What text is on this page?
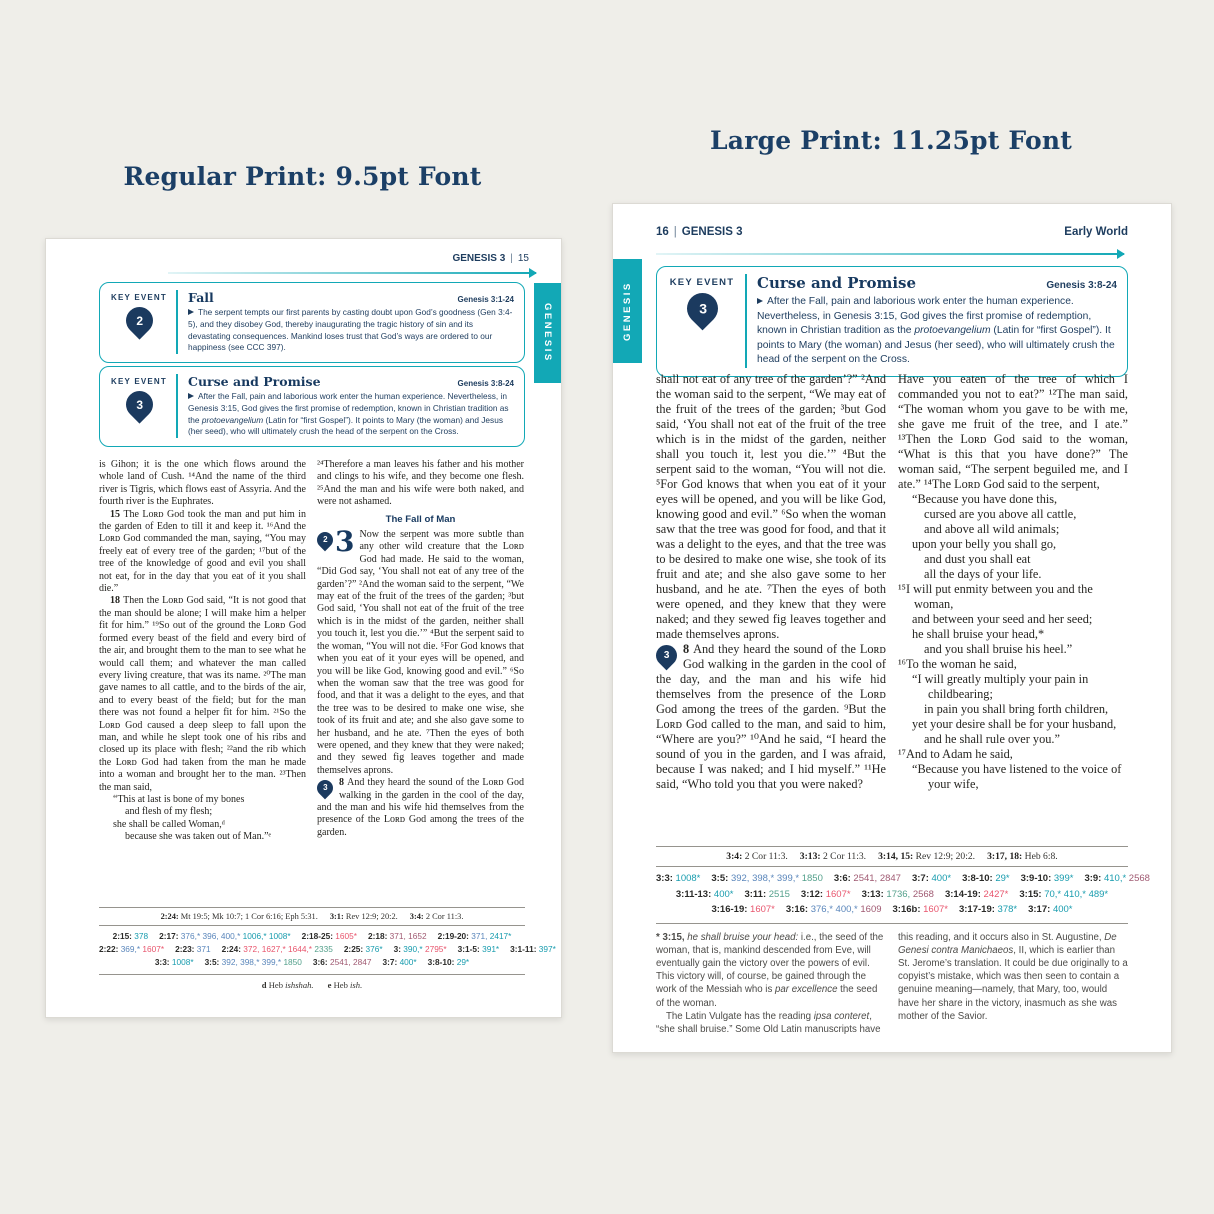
Regular Print: 9.5pt Font
Large Print: 11.25pt Font
GENESIS 3 | 15
GENESIS
KEY EVENT
2
Fall	Genesis 3:1-24
The serpent tempts our first parents by casting doubt upon God’s goodness (Gen 3:4-5), and they disobey God, thereby inaugurating the tragic history of sin and its devastating consequences. Mankind loses trust that God’s ways are ordered to our happiness (see CCC 397).
KEY EVENT
3
Curse and Promise	Genesis 3:8-24
After the Fall, pain and laborious work enter the human experience. Nevertheless, in Genesis 3:15, God gives the first promise of redemption, known in Christian tradition as the protoevangelium (Latin for “first Gospel”). It points to Mary (the woman) and Jesus (her seed), who will ultimately crush the head of the serpent on the Cross.

is Gihon; it is the one which flows around the whole land of Cush. ¹⁴And the name of the third river is Tigris, which flows east of Assyria. And the fourth river is the Euphrates.

15 The Lᴏʀᴅ God took the man and put him in the garden of Eden to till it and keep it. ¹⁶And the Lᴏʀᴅ God commanded the man, saying, “You may freely eat of every tree of the garden; ¹⁷but of the tree of the knowledge of good and evil you shall not eat, for in the day that you eat of it you shall die.”

18 Then the Lᴏʀᴅ God said, “It is not good that the man should be alone; I will make him a helper fit for him.” ¹⁹So out of the ground the Lᴏʀᴅ God formed every beast of the field and every bird of the air, and brought them to the man to see what he would call them; and whatever the man called every living creature, that was its name. ²⁰The man gave names to all cattle, and to the birds of the air, and to every beast of the field; but for the man there was not found a helper fit for him. ²¹So the Lᴏʀᴅ God caused a deep sleep to fall upon the man, and while he slept took one of his ribs and closed up its place with flesh; ²²and the rib which the Lᴏʀᴅ God had taken from the man he made into a woman and brought her to the man. ²³Then the man said,

“This at last is bone of my bones
and flesh of my flesh;
she shall be called Woman,ᵈ
because she was taken out of Man.”ᵉ

²⁴Therefore a man leaves his father and his mother and clings to his wife, and they become one flesh. ²⁵And the man and his wife were both naked, and were not ashamed.

The Fall of Man

2 3 Now the serpent was more subtle than any other wild creature that the Lᴏʀᴅ God had made. He said to the woman, “Did God say, ‘You shall not eat of any tree of the garden’?” ²And the woman said to the serpent, “We may eat of the fruit of the trees of the garden; ³but God said, ‘You shall not eat of the fruit of the tree which is in the midst of the garden, neither shall you touch it, lest you die.’” ⁴But the serpent said to the woman, “You will not die. ⁵For God knows that when you eat of it your eyes will be opened, and you will be like God, knowing good and evil.” ⁶So when the woman saw that the tree was good for food, and that it was a delight to the eyes, and that the tree was to be desired to make one wise, she took of its fruit and ate; and she also gave some to her husband, and he ate. ⁷Then the eyes of both were opened, and they knew that they were naked; and they sewed fig leaves together and made themselves aprons.

3 8 And they heard the sound of the Lᴏʀᴅ God walking in the garden in the cool of the day, and the man and his wife hid themselves from the presence of the Lᴏʀᴅ God among the trees of the garden.

2:24: Mt 19:5; Mk 10:7; 1 Cor 6:16; Eph 5:31. 3:1: Rev 12:9; 20:2. 3:4: 2 Cor 11:3.
2:15: 378 2:17: 376,* 396, 400,* 1006,* 1008* 2:18-25: 1605* 2:18: 371, 1652 2:19-20: 371, 2417*
2:22: 369,* 1607* 2:23: 371 2:24: 372, 1627,* 1644,* 2335 2:25: 376* 3: 390,* 2795* 3:1-5: 391* 3:1-11: 397*
3:3: 1008* 3:5: 392, 398,* 399,* 1850 3:6: 2541, 2847 3:7: 400* 3:8-10: 29*
d Heb ishshah. e Heb ish.
16 | GENESIS 3	Early World
GENESIS	KEY EVENT
3
Curse and Promise	Genesis 3:8-24
After the Fall, pain and laborious work enter the human experience. Nevertheless, in Genesis 3:15, God gives the first promise of redemption, known in Christian tradition as the protoevangelium (Latin for “first Gospel”). It points to Mary (the woman) and Jesus (her seed), who will ultimately crush the head of the serpent on the Cross.

shall not eat of any tree of the garden’?” ²And the woman said to the serpent, “We may eat of the fruit of the trees of the garden; ³but God said, ‘You shall not eat of the fruit of the tree which is in the midst of the garden, neither shall you touch it, lest you die.’” ⁴But the serpent said to the woman, “You will not die. ⁵For God knows that when you eat of it your eyes will be opened, and you will be like God, knowing good and evil.” ⁶So when the woman saw that the tree was good for food, and that it was a delight to the eyes, and that the tree was to be desired to make one wise, she took of its fruit and ate; and she also gave some to her husband, and he ate. ⁷Then the eyes of both were opened, and they knew that they were naked; and they sewed fig leaves together and made themselves aprons.

3 8 And they heard the sound of the Lᴏʀᴅ God walking in the garden in the cool of the day, and the man and his wife hid themselves from the presence of the Lᴏʀᴅ God among the trees of the garden. ⁹But the Lᴏʀᴅ God called to the man, and said to him, “Where are you?” ¹⁰And he said, “I heard the sound of you in the garden, and I was afraid, because I was naked; and I hid myself.” ¹¹He said, “Who told you that you were naked?

Have you eaten of the tree of which I commanded you not to eat?” ¹²The man said, “The woman whom you gave to be with me, she gave me fruit of the tree, and I ate.” ¹³Then the Lᴏʀᴅ God said to the woman, “What is this that you have done?” The woman said, “The serpent beguiled me, and I ate.” ¹⁴The Lᴏʀᴅ God said to the serpent,

“Because you have done this,
cursed are you above all cattle,
and above all wild animals;
upon your belly you shall go,
and dust you shall eat
all the days of your life.
¹⁵I will put enmity between you and the woman,
and between your seed and her seed;
he shall bruise your head,*
and you shall bruise his heel.”

¹⁶To the woman he said,

“I will greatly multiply your pain in childbearing;
in pain you shall bring forth children,
yet your desire shall be for your husband,
and he shall rule over you.”

¹⁷And to Adam he said,

“Because you have listened to the voice of your wife,
3:4: 2 Cor 11:3. 3:13: 2 Cor 11:3. 3:14, 15: Rev 12:9; 20:2. 3:17, 18: Heb 6:8.
3:3: 1008* 3:5: 392, 398,* 399,* 1850 3:6: 2541, 2847 3:7: 400* 3:8-10: 29* 3:9-10: 399* 3:9: 410,* 2568
3:11-13: 400* 3:11: 2515 3:12: 1607* 3:13: 1736, 2568 3:14-19: 2427* 3:15: 70,* 410,* 489*
3:16-19: 1607* 3:16: 376,* 400,* 1609 3:16b: 1607* 3:17-19: 378* 3:17: 400*

* 3:15, he shall bruise your head: i.e., the seed of the woman, that is, mankind descended from Eve, will eventually gain the victory over the powers of evil. This victory will, of course, be gained through the work of the Messiah who is par excellence the seed of the woman.

The Latin Vulgate has the reading ipsa conteret, “she shall bruise.” Some Old Latin manuscripts have

this reading, and it occurs also in St. Augustine, De Genesi contra Manichaeos, II, which is earlier than St. Jerome’s translation. It could be due originally to a copyist’s mistake, which was then seen to contain a genuine meaning—namely, that Mary, too, would have her share in the victory, inasmuch as she was mother of the Savior.
